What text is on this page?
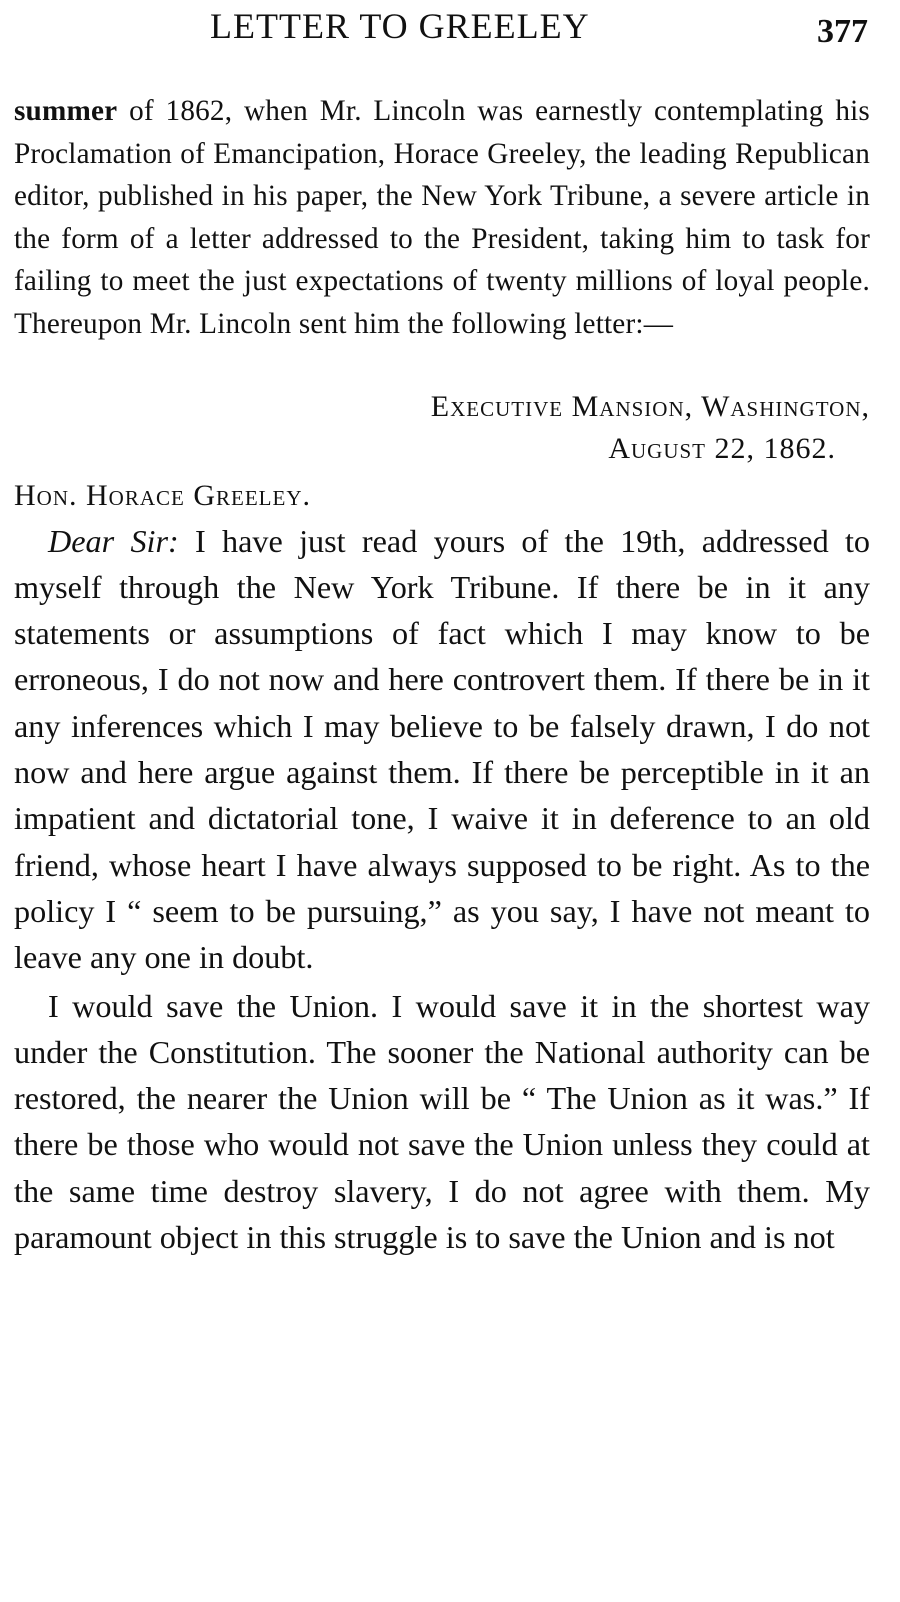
LETTER TO GREELEY	377

summer of 1862, when Mr. Lincoln was earnestly contemplating his Proclamation of Emancipation, Horace Greeley, the leading Republican editor, published in his paper, the New York Tribune, a severe article in the form of a letter addressed to the President, taking him to task for failing to meet the just expectations of twenty millions of loyal people. Thereupon Mr. Lincoln sent him the following letter:—

Executive Mansion, Washington,
August 22, 1862.
Hon. Horace Greeley.

Dear Sir: I have just read yours of the 19th, addressed to myself through the New York Tribune. If there be in it any statements or assumptions of fact which I may know to be erroneous, I do not now and here controvert them. If there be in it any inferences which I may believe to be falsely drawn, I do not now and here argue against them. If there be perceptible in it an impatient and dictatorial tone, I waive it in deference to an old friend, whose heart I have always supposed to be right. As to the policy I “ seem to be pursuing,” as you say, I have not meant to leave any one in doubt.

I would save the Union. I would save it in the shortest way under the Constitution. The sooner the National authority can be restored, the nearer the Union will be “ The Union as it was.” If there be those who would not save the Union unless they could at the same time destroy slavery, I do not agree with them. My paramount object in this struggle is to save the Union and is not
